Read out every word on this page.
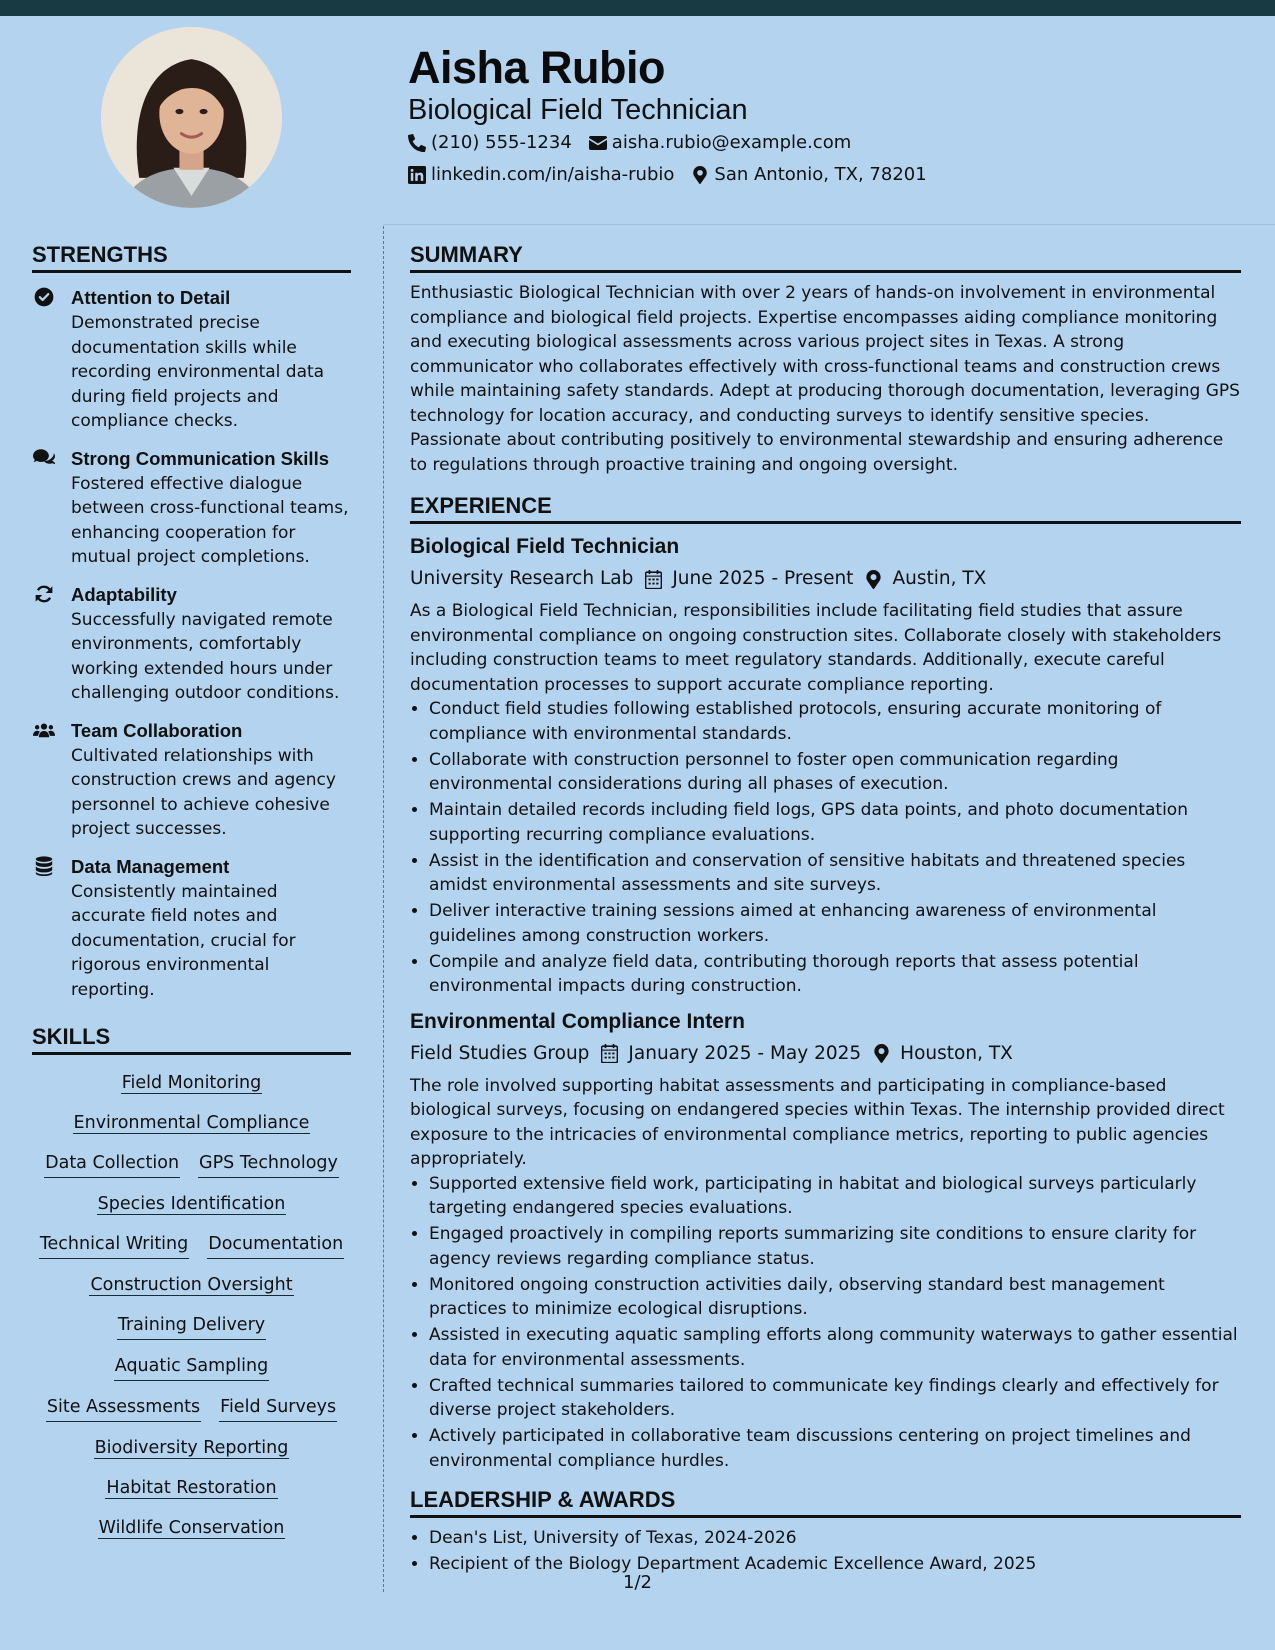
Aisha Rubio
Biological Field Technician
(210) 555-1234 aisha.rubio@example.com
linkedin.com/in/aisha-rubio San Antonio, TX, 78201
STRENGTHS
Attention to Detail
Demonstrated precise documentation skills while recording environmental data during field projects and compliance checks.
Strong Communication Skills
Fostered effective dialogue between cross-functional teams, enhancing cooperation for mutual project completions.
Adaptability
Successfully navigated remote environments, comfortably working extended hours under challenging outdoor conditions.
Team Collaboration
Cultivated relationships with construction crews and agency personnel to achieve cohesive project successes.
Data Management
Consistently maintained accurate field notes and documentation, crucial for rigorous environmental reporting.
SKILLS
Field Monitoring
Environmental Compliance
Data Collection GPS Technology
Species Identification
Technical Writing Documentation
Construction Oversight
Training Delivery
Aquatic Sampling
Site Assessments Field Surveys
Biodiversity Reporting
Habitat Restoration
Wildlife Conservation
SUMMARY
Enthusiastic Biological Technician with over 2 years of hands-on involvement in environmental compliance and biological field projects. Expertise encompasses aiding compliance monitoring and executing biological assessments across various project sites in Texas. A strong communicator who collaborates effectively with cross-functional teams and construction crews while maintaining safety standards. Adept at producing thorough documentation, leveraging GPS technology for location accuracy, and conducting surveys to identify sensitive species. Passionate about contributing positively to environmental stewardship and ensuring adherence to regulations through proactive training and ongoing oversight.
EXPERIENCE
Biological Field Technician
University Research Lab June 2025 - Present Austin, TX
As a Biological Field Technician, responsibilities include facilitating field studies that assure environmental compliance on ongoing construction sites. Collaborate closely with stakeholders including construction teams to meet regulatory standards. Additionally, execute careful documentation processes to support accurate compliance reporting.
• Conduct field studies following established protocols, ensuring accurate monitoring of compliance with environmental standards.
• Collaborate with construction personnel to foster open communication regarding environmental considerations during all phases of execution.
• Maintain detailed records including field logs, GPS data points, and photo documentation supporting recurring compliance evaluations.
• Assist in the identification and conservation of sensitive habitats and threatened species amidst environmental assessments and site surveys.
• Deliver interactive training sessions aimed at enhancing awareness of environmental guidelines among construction workers.
• Compile and analyze field data, contributing thorough reports that assess potential environmental impacts during construction.
Environmental Compliance Intern
Field Studies Group January 2025 - May 2025 Houston, TX
The role involved supporting habitat assessments and participating in compliance-based biological surveys, focusing on endangered species within Texas. The internship provided direct exposure to the intricacies of environmental compliance metrics, reporting to public agencies appropriately.
• Supported extensive field work, participating in habitat and biological surveys particularly targeting endangered species evaluations.
• Engaged proactively in compiling reports summarizing site conditions to ensure clarity for agency reviews regarding compliance status.
• Monitored ongoing construction activities daily, observing standard best management practices to minimize ecological disruptions.
• Assisted in executing aquatic sampling efforts along community waterways to gather essential data for environmental assessments.
• Crafted technical summaries tailored to communicate key findings clearly and effectively for diverse project stakeholders.
• Actively participated in collaborative team discussions centering on project timelines and environmental compliance hurdles.
LEADERSHIP & AWARDS
• Dean's List, University of Texas, 2024-2026
• Recipient of the Biology Department Academic Excellence Award, 2025
1/2
